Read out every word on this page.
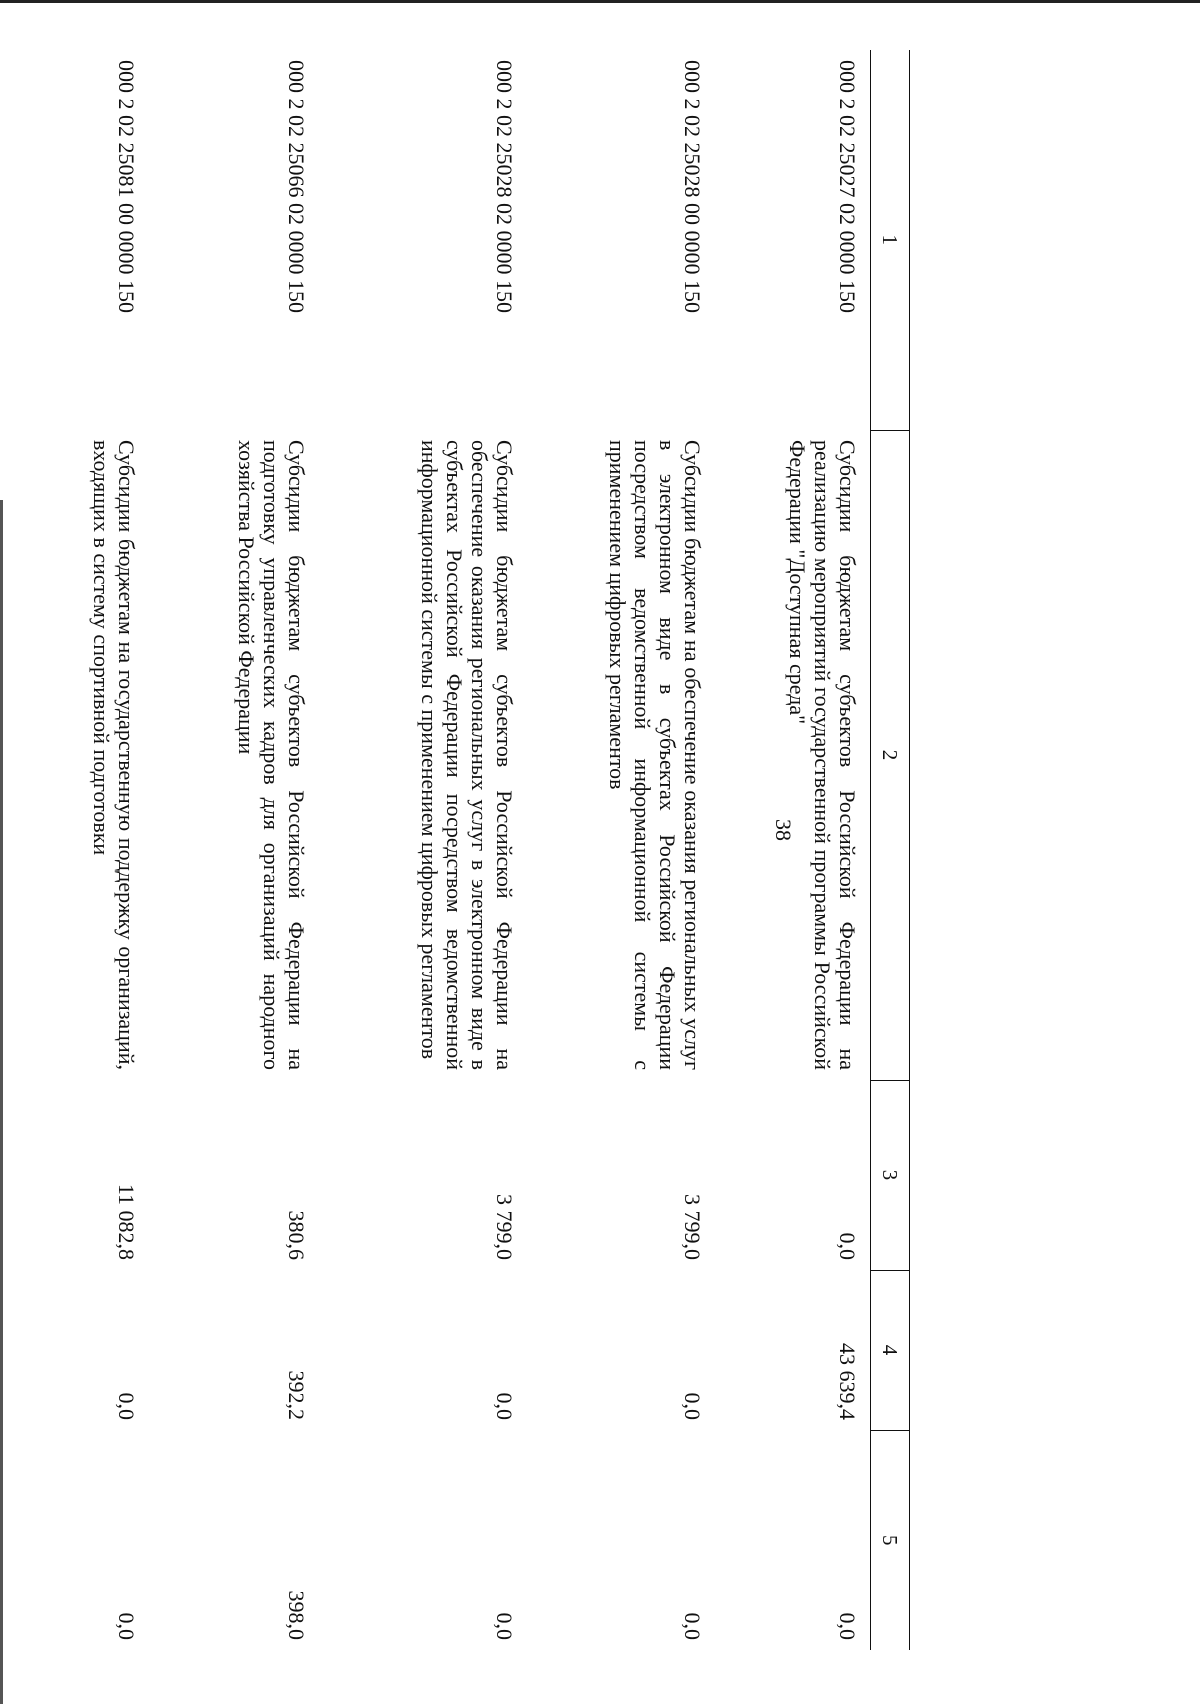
38
1	2	3	4	5
000 2 02 25027 02 0000 150	Субсидии бюджетам субъектов Российской Федерации на реализацию мероприятий государственной программы Российской Федерации "Доступная среда"	0,0	43 639,4	0,0
000 2 02 25028 00 0000 150	Субсидии бюджетам на обеспечение оказания региональных услуг в электронном виде в субъектах Российской Федерации посредством ведомственной информационной системы с применением цифровых регламентов	3 799,0	0,0	0,0
000 2 02 25028 02 0000 150	Субсидии бюджетам субъектов Российской Федерации на обеспечение оказания региональных услуг в электронном виде в субъектах Российской Федерации посредством ведомственной информационной системы с применением цифровых регламентов	3 799,0	0,0	0,0
000 2 02 25066 02 0000 150	Субсидии бюджетам субъектов Российской Федерации на подготовку управленческих кадров для организаций народного хозяйства Российской Федерации	380,6	392,2	398,0
000 2 02 25081 00 0000 150	Субсидии бюджетам на государственную поддержку организаций, входящих в систему спортивной подготовки	11 082,8	0,0	0,0
